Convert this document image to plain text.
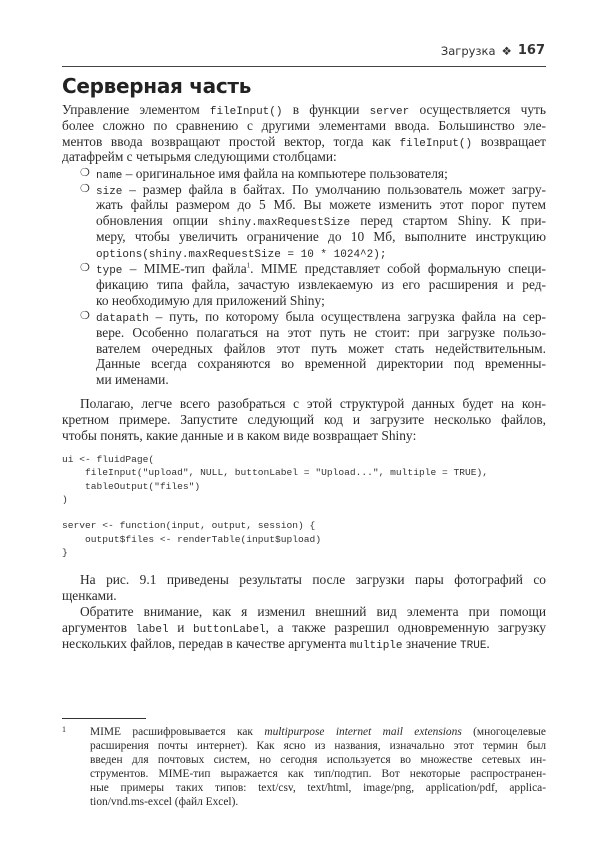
Загрузка ❖ 167
Серверная часть
Управление элементом fileInput() в функции server осуществляется чуть
более сложно по сравнению с другими элементами ввода. Большинство эле-
ментов ввода возвращают простой вектор, тогда как fileInput() возвращает
датафрейм с четырьмя следующими столбцами:
❍ name – оригинальное имя файла на компьютере пользователя;
❍ size – размер файла в байтах. По умолчанию пользователь может загру-
жать файлы размером до 5 Мб. Вы можете изменить этот порог путем
обновления опции shiny.maxRequestSize перед стартом Shiny. К при-
меру, чтобы увеличить ограничение до 10 Мб, выполните инструкцию
options(shiny.maxRequestSize = 10 * 1024^2);
❍ type – MIME-тип файла$^1$. MIME представляет собой формальную специ-
фикацию типа файла, зачастую извлекаемую из его расширения и ред-
ко необходимую для приложений Shiny;
❍ datapath – путь, по которому была осуществлена загрузка файла на сер-
вере. Особенно полагаться на этот путь не стоит: при загрузке пользо-
вателем очередных файлов этот путь может стать недействительным.
Данные всегда сохраняются во временной директории под временны-
ми именами.
Полагаю, легче всего разобраться с этой структурой данных будет на кон-
кретном примере. Запустите следующий код и загрузите несколько файлов,
чтобы понять, какие данные и в каком виде возвращает Shiny:
На рис. 9.1 приведены результаты после загрузки пары фотографий со
щенками.
Обратите внимание, как я изменил внешний вид элемента при помощи
аргументов label и buttonLabel, а также разрешил одновременную загрузку
нескольких файлов, передав в качестве аргумента multiple значение TRUE.
ui <- fluidPage(
fileInput("upload", NULL, buttonLabel = "Upload...", multiple = TRUE),
tableOutput("files")
)

server <- function(input, output, session) {
output$files <- renderTable(input$upload)
}
1 MIME расшифровывается как multipurpose internet mail extensions (многоцелевые
расширения почты интернет). Как ясно из названия, изначально этот термин был
введен для почтовых систем, но сегодня используется во множестве сетевых ин-
струментов. MIME-тип выражается как тип/подтип. Вот некоторые распространен-
ные примеры таких типов: text/csv, text/html, image/png, application/pdf, applica-
tion/vnd.ms-excel (файл Excel).
